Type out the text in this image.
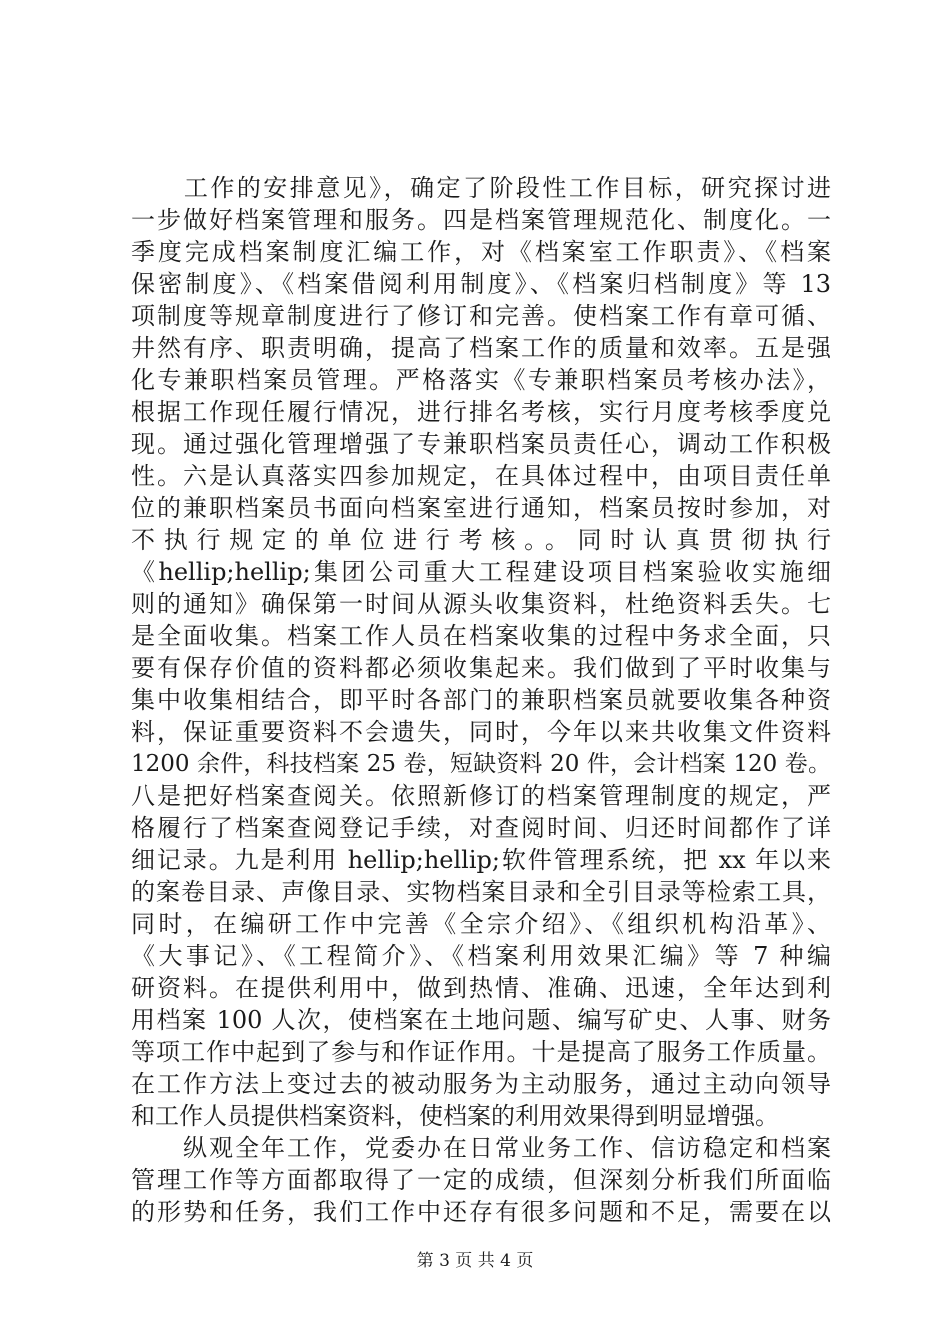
　　工作的安排意见》，确定了阶段性工作目标，研究探讨进
一步做好档案管理和服务。四是档案管理规范化、制度化。一
季度完成档案制度汇编工作，对《档案室工作职责》、《档案
保密制度》、《档案借阅利用制度》、《档案归档制度》等 13
项制度等规章制度进行了修订和完善。使档案工作有章可循、
井然有序、职责明确，提高了档案工作的质量和效率。五是强
化专兼职档案员管理。严格落实《专兼职档案员考核办法》，
根据工作现任履行情况，进行排名考核，实行月度考核季度兑
现。通过强化管理增强了专兼职档案员责任心，调动工作积极
性。六是认真落实四参加规定，在具体过程中，由项目责任单
位的兼职档案员书面向档案室进行通知，档案员按时参加，对
不执行规定的单位进行考核。。同时认真贯彻执行
《hellip;hellip;集团公司重大工程建设项目档案验收实施细
则的通知》确保第一时间从源头收集资料，杜绝资料丢失。七
是全面收集。档案工作人员在档案收集的过程中务求全面，只
要有保存价值的资料都必须收集起来。我们做到了平时收集与
集中收集相结合，即平时各部门的兼职档案员就要收集各种资
料，保证重要资料不会遗失，同时，今年以来共收集文件资料
1200 余件，科技档案 25 卷，短缺资料 20 件，会计档案 120 卷。
八是把好档案查阅关。依照新修订的档案管理制度的规定，严
格履行了档案查阅登记手续，对查阅时间、归还时间都作了详
细记录。九是利用 hellip;hellip;软件管理系统，把 xx 年以来
的案卷目录、声像目录、实物档案目录和全引目录等检索工具，
同时，在编研工作中完善《全宗介绍》、《组织机构沿革》、
《大事记》、《工程简介》、《档案利用效果汇编》等 7 种编
研资料。在提供利用中，做到热情、准确、迅速，全年达到利
用档案 100 人次，使档案在土地问题、编写矿史、人事、财务
等项工作中起到了参与和作证作用。十是提高了服务工作质量。
在工作方法上变过去的被动服务为主动服务，通过主动向领导
和工作人员提供档案资料，使档案的利用效果得到明显增强。
　　纵观全年工作，党委办在日常业务工作、信访稳定和档案
管理工作等方面都取得了一定的成绩，但深刻分析我们所面临
的形势和任务，我们工作中还存有很多问题和不足，需要在以
第 3 页 共 4 页
